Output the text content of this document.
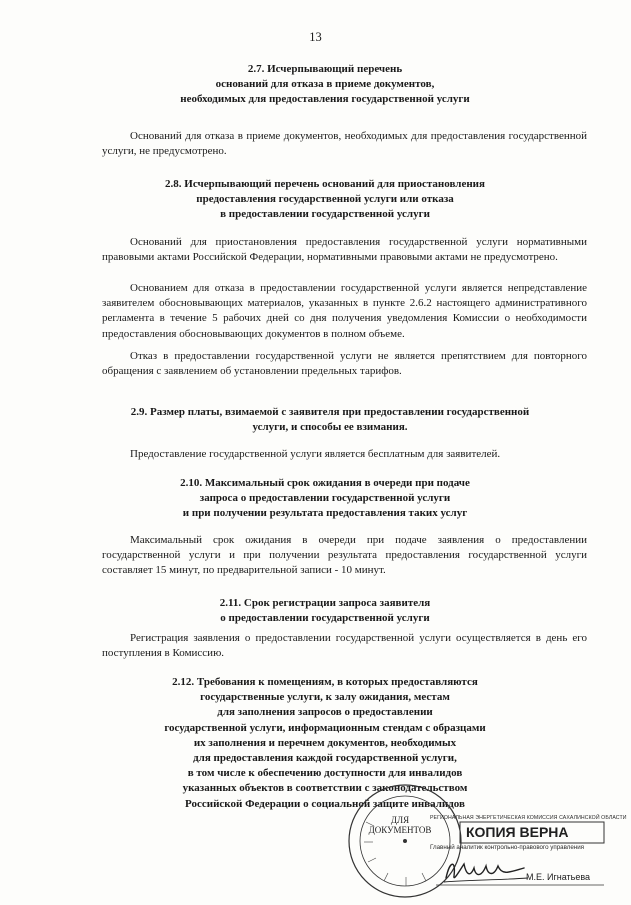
13
2.7. Исчерпывающий перечень
оснований для отказа в приеме документов,
необходимых для предоставления государственной услуги
Оснований для отказа в приеме документов, необходимых для предоставления государственной услуги, не предусмотрено.
2.8. Исчерпывающий перечень оснований для приостановления
предоставления государственной услуги или отказа
в предоставлении государственной услуги
Оснований для приостановления предоставления государственной услуги нормативными правовыми актами Российской Федерации, нормативными правовыми актами не предусмотрено.
Основанием для отказа в предоставлении государственной услуги является непредставление заявителем обосновывающих материалов, указанных в пункте 2.6.2 настоящего административного регламента в течение 5 рабочих дней со дня получения уведомления Комиссии о необходимости предоставления обосновывающих документов в полном объеме.
Отказ в предоставлении государственной услуги не является препятствием для повторного обращения с заявлением об установлении предельных тарифов.
2.9. Размер платы, взимаемой с заявителя при предоставлении государственной
услуги, и способы ее взимания.
Предоставление государственной услуги является бесплатным для заявителей.
2.10. Максимальный срок ожидания в очереди при подаче
запроса о предоставлении государственной услуги
и при получении результата предоставления таких услуг
Максимальный срок ожидания в очереди при подаче заявления о предоставлении государственной услуги и при получении результата предоставления государственной услуги составляет 15 минут, по предварительной записи - 10 минут.
2.11. Срок регистрации запроса заявителя
о предоставлении государственной услуги
Регистрация заявления о предоставлении государственной услуги осуществляется в день его поступления в Комиссию.
2.12. Требования к помещениям, в которых предоставляются
государственные услуги, к залу ожидания, местам
для заполнения запросов о предоставлении
государственной услуги, информационным стендам с образцами
их заполнения и перечнем документов, необходимых
для предоставления каждой государственной услуги,
в том числе к обеспечению доступности для инвалидов
указанных объектов в соответствии с законодательством
Российской Федерации о социальной защите инвалидов
ДЛЯ
ДОКУМЕНТОВ
РЕГИОНАЛЬНАЯ ЭНЕРГЕТИЧЕСКАЯ КОМИССИЯ САХАЛИНСКОЙ ОБЛАСТИ
КОПИЯ ВЕРНА
Главный аналитик контрольно-правового управления
М.Е. Игнатьева
